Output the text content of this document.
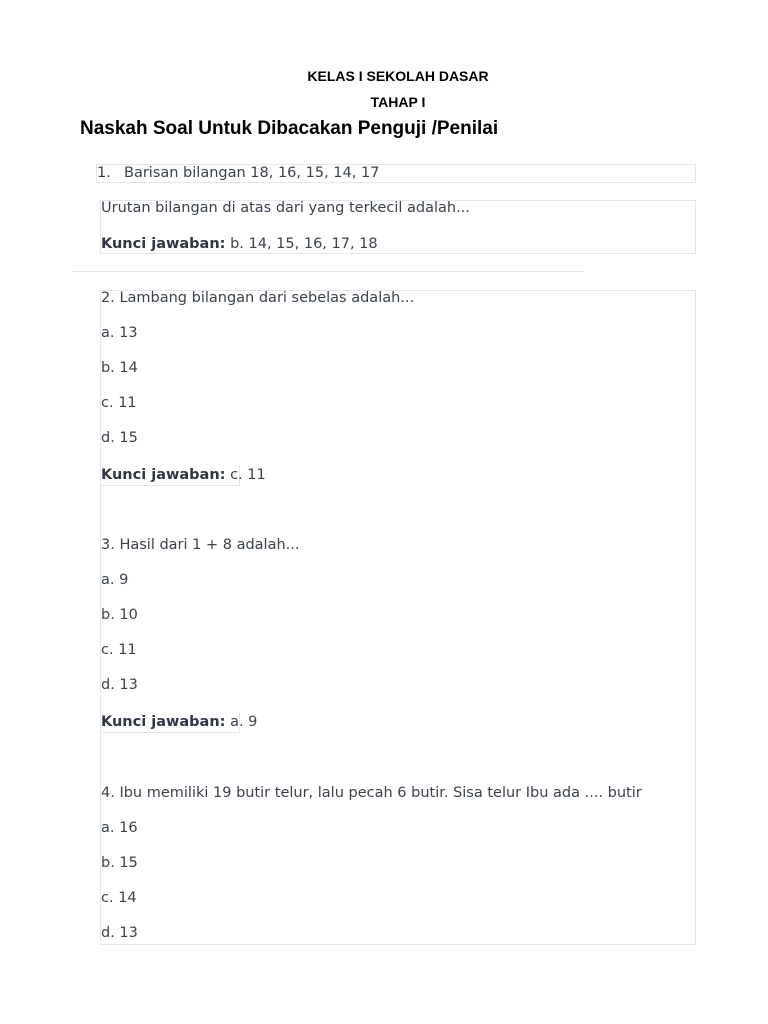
KELAS I SEKOLAH DASAR
TAHAP I
Naskah Soal Untuk Dibacakan Penguji /Penilai
1. Barisan bilangan 18, 16, 15, 14, 17
Urutan bilangan di atas dari yang terkecil adalah...
Kunci jawaban: b. 14, 15, 16, 17, 18
2. Lambang bilangan dari sebelas adalah...
a. 13
b. 14
c. 11
d. 15
Kunci jawaban: c. 11
3. Hasil dari 1 + 8 adalah...
a. 9
b. 10
c. 11
d. 13
Kunci jawaban: a. 9
4. Ibu memiliki 19 butir telur, lalu pecah 6 butir. Sisa telur Ibu ada .... butir
a. 16
b. 15
c. 14
d. 13
